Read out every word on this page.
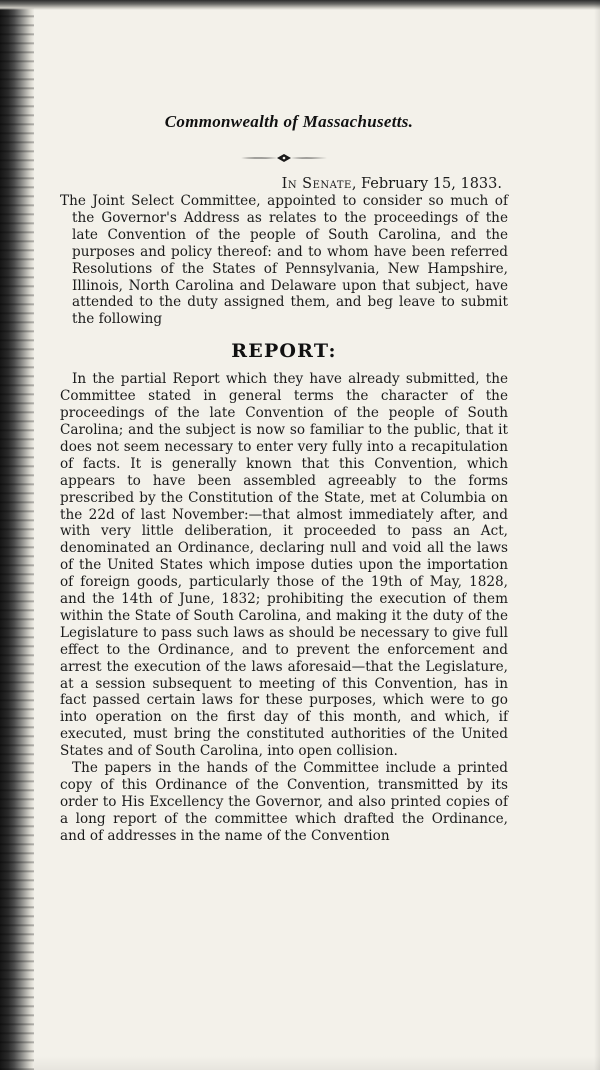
Commonwealth of Massachusetts.
In Senate, February 15, 1833.

The Joint Select Committee, appointed to consider so much of the Governor's Address as relates to the proceedings of the late Convention of the people of South Carolina, and the purposes and policy thereof: and to whom have been referred Resolutions of the States of Pennsylvania, New Hampshire, Illinois, North Carolina and Delaware upon that subject, have attended to the duty assigned them, and beg leave to submit the following

REPORT:

In the partial Report which they have already submitted, the Committee stated in general terms the character of the proceedings of the late Convention of the people of South Carolina; and the subject is now so familiar to the public, that it does not seem necessary to enter very fully into a recapitulation of facts. It is generally known that this Convention, which appears to have been assembled agreeably to the forms prescribed by the Constitution of the State, met at Columbia on the 22d of last November:—that almost immediately after, and with very little deliberation, it proceeded to pass an Act, denominated an Ordinance, declaring null and void all the laws of the United States which impose duties upon the importation of foreign goods, particularly those of the 19th of May, 1828, and the 14th of June, 1832; prohibiting the execution of them within the State of South Carolina, and making it the duty of the Legislature to pass such laws as should be necessary to give full effect to the Ordinance, and to prevent the enforcement and arrest the execution of the laws aforesaid—that the Legislature, at a session subsequent to meeting of this Convention, has in fact passed certain laws for these purposes, which were to go into operation on the first day of this month, and which, if executed, must bring the constituted authorities of the United States and of South Carolina, into open collision.

The papers in the hands of the Committee include a printed copy of this Ordinance of the Convention, transmitted by its order to His Excellency the Governor, and also printed copies of a long report of the committee which drafted the Ordinance, and of addresses in the name of the Convention
